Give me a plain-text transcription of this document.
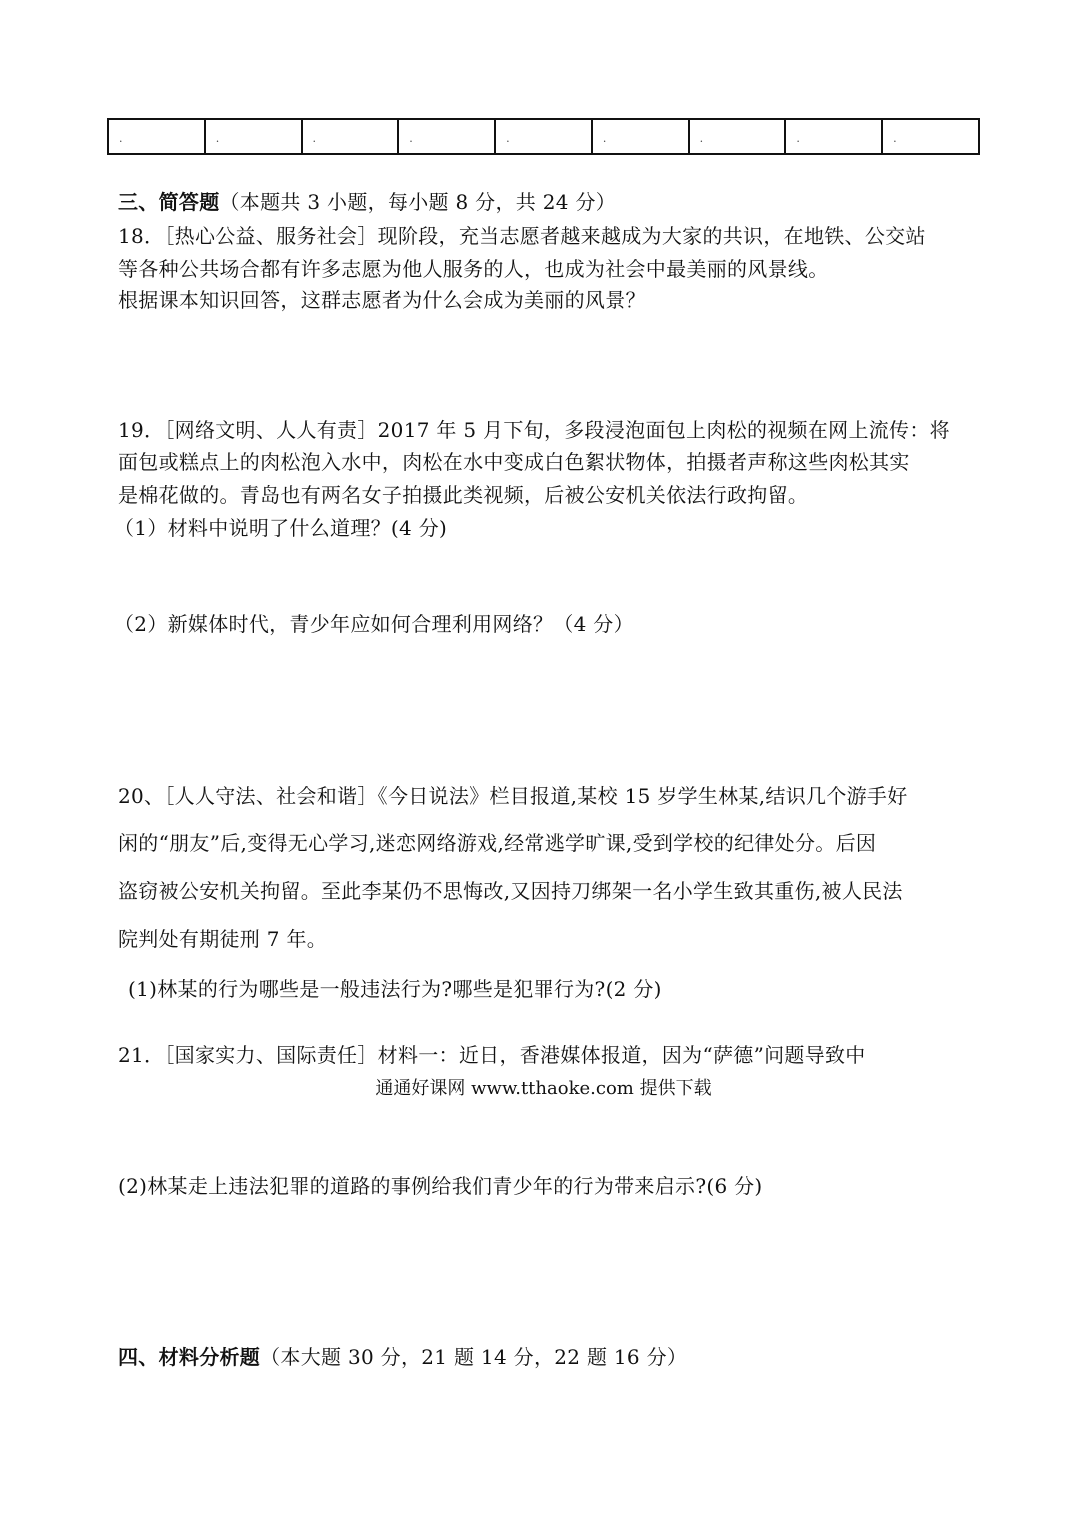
.	.	.	.	.	.	.	.	.
三、简答题（本题共 3 小题，每小题 8 分，共 24 分）
18．［热心公益、服务社会］现阶段，充当志愿者越来越成为大家的共识，在地铁、公交站
等各种公共场合都有许多志愿为他人服务的人，也成为社会中最美丽的风景线。
根据课本知识回答，这群志愿者为什么会成为美丽的风景？
19．［网络文明、人人有责］2017 年 5 月下旬，多段浸泡面包上肉松的视频在网上流传：将
面包或糕点上的肉松泡入水中，肉松在水中变成白色絮状物体，拍摄者声称这些肉松其实
是棉花做的。青岛也有两名女子拍摄此类视频，后被公安机关依法行政拘留。
（1）材料中说明了什么道理？(4 分)
（2）新媒体时代，青少年应如何合理利用网络？（4 分）
20、［人人守法、社会和谐］《今日说法》栏目报道,某校 15 岁学生林某,结识几个游手好
闲的“朋友”后,变得无心学习,迷恋网络游戏,经常逃学旷课,受到学校的纪律处分。后因
盗窃被公安机关拘留。至此李某仍不思悔改,又因持刀绑架一名小学生致其重伤,被人民法
院判处有期徒刑 7 年。
(1)林某的行为哪些是一般违法行为?哪些是犯罪行为?(2 分)
(2)林某走上违法犯罪的道路的事例给我们青少年的行为带来启示?(6 分)
四、材料分析题（本大题 30 分，21 题 14 分，22 题 16 分）
21．［国家实力、国际责任］材料一：近日，香港媒体报道，因为“萨德”问题导致中
通通好课网 www.tthaoke.com 提供下载
